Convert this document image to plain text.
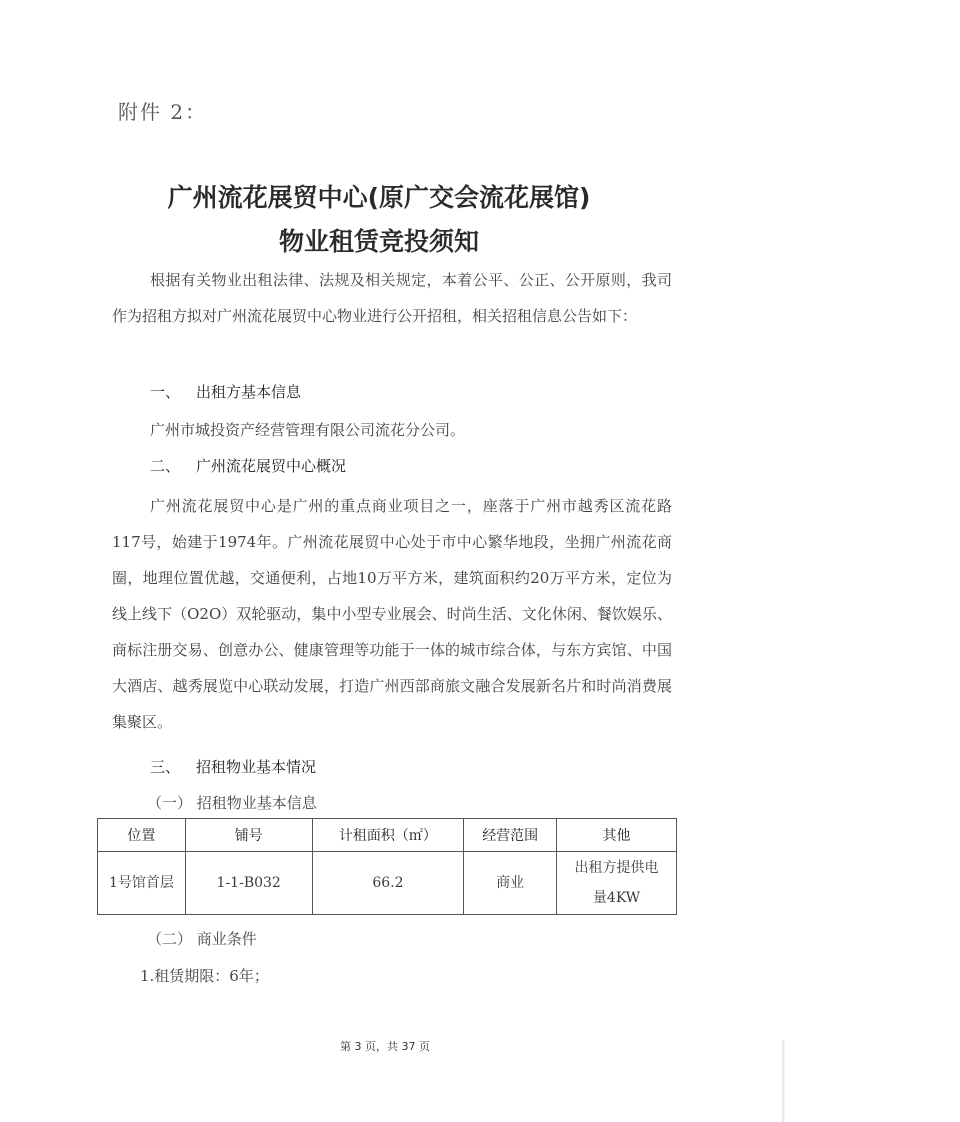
附件 2：
广州流花展贸中心(原广交会流花展馆)
物业租赁竞投须知
根据有关物业出租法律、法规及相关规定，本着公平、公正、公开原则，我司作为招租方拟对广州流花展贸中心物业进行公开招租，相关招租信息公告如下：
一、 出租方基本信息
广州市城投资产经营管理有限公司流花分公司。
二、 广州流花展贸中心概况
广州流花展贸中心是广州的重点商业项目之一，座落于广州市越秀区流花路117号，始建于1974年。广州流花展贸中心处于市中心繁华地段，坐拥广州流花商圈，地理位置优越，交通便利，占地10万平方米，建筑面积约20万平方米，定位为线上线下（O2O）双轮驱动，集中小型专业展会、时尚生活、文化休闲、餐饮娱乐、商标注册交易、创意办公、健康管理等功能于一体的城市综合体，与东方宾馆、中国大酒店、越秀展览中心联动发展，打造广州西部商旅文融合发展新名片和时尚消费展集聚区。
三、 招租物业基本情况
（一） 招租物业基本信息
位置	铺号	计租面积（㎡）	经营范围	其他
1号馆首层	1-1-B032	66.2	商业	出租方提供电量4KW
（二） 商业条件
1.租赁期限：6年；
第 3 页，共 37 页
